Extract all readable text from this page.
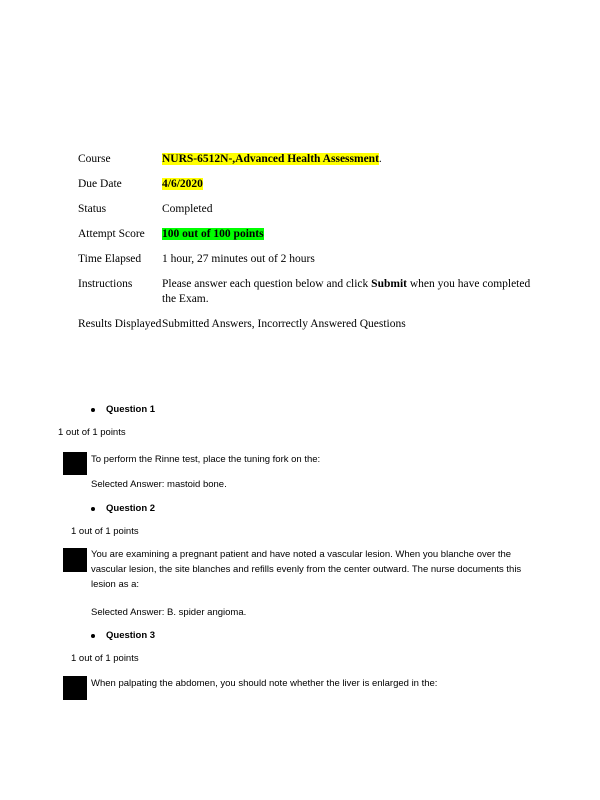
Course	NURS-6512N-,Advanced Health Assessment.
Due Date	4/6/2020
Status	Completed
Attempt Score	100 out of 100 points
Time Elapsed	1 hour, 27 minutes out of 2 hours
Instructions	Please answer each question below and click Submit when you have completed the Exam.
Results Displayed Submitted Answers, Incorrectly Answered Questions
Question 1
1 out of 1 points
To perform the Rinne test, place the tuning fork on the:
Selected Answer: mastoid bone.
Question 2
1 out of 1 points
You are examining a pregnant patient and have noted a vascular lesion. When you blanche over the vascular lesion, the site blanches and refills evenly from the center outward. The nurse documents this lesion as a:
Selected Answer: B. spider angioma.
Question 3
1 out of 1 points
When palpating the abdomen, you should note whether the liver is enlarged in the:
